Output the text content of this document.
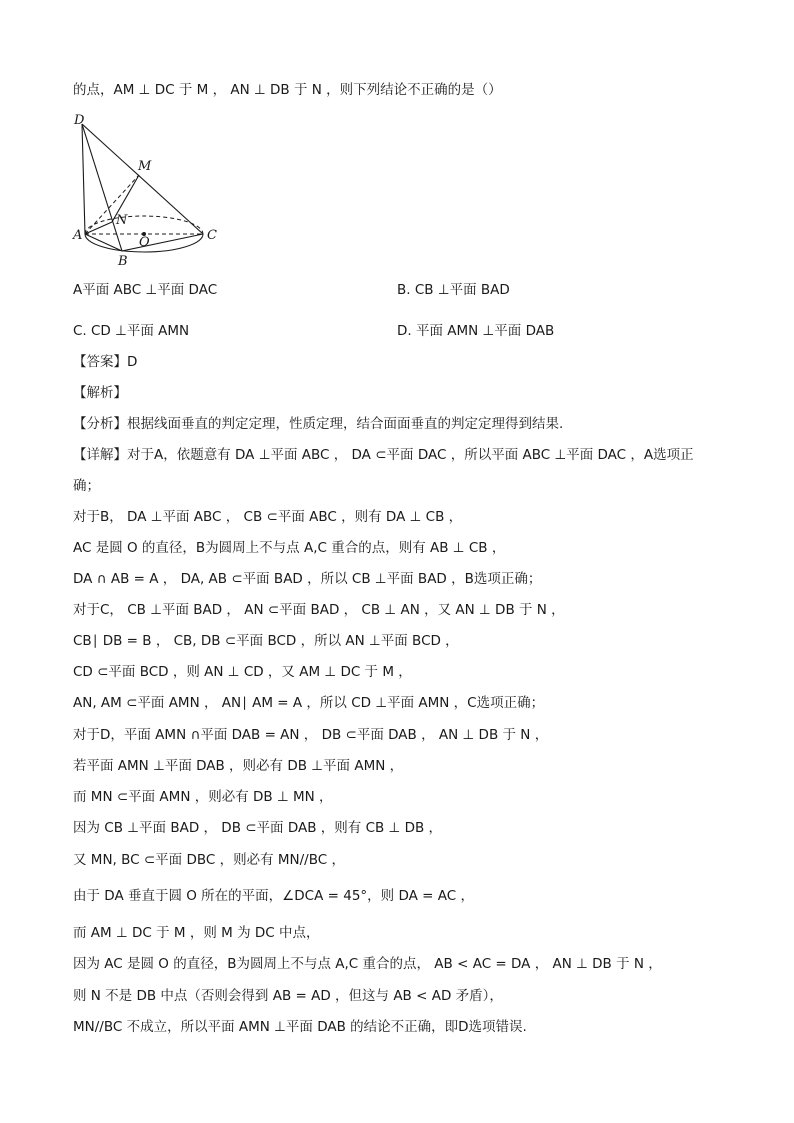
的点，AM ⊥ DC 于 M ， AN ⊥ DB 于 N ，则下列结论不正确的是（）
D
M
N
A	O	C
B
A平面 ABC ⊥平面 DAC	B. CB ⊥平面 BAD
C. CD ⊥平面 AMN	D. 平面 AMN ⊥平面 DAB
【答案】D
【解析】
【分析】根据线面垂直的判定定理，性质定理，结合面面垂直的判定定理得到结果.
【详解】对于A，依题意有 DA ⊥平面 ABC ， DA ⊂平面 DAC ，所以平面 ABC ⊥平面 DAC ，A选项正
确；
对于B， DA ⊥平面 ABC ， CB ⊂平面 ABC ，则有 DA ⊥ CB ，
AC 是圆 O 的直径，B为圆周上不与点 A,C 重合的点，则有 AB ⊥ CB ，
DA ∩ AB = A ， DA, AB ⊂平面 BAD ，所以 CB ⊥平面 BAD ，B选项正确；
对于C， CB ⊥平面 BAD ， AN ⊂平面 BAD ， CB ⊥ AN ，又 AN ⊥ DB 于 N ，
CB∣ DB = B ， CB, DB ⊂平面 BCD ，所以 AN ⊥平面 BCD ，
CD ⊂平面 BCD ，则 AN ⊥ CD ，又 AM ⊥ DC 于 M ，
AN, AM ⊂平面 AMN ， AN∣ AM = A ，所以 CD ⊥平面 AMN ，C选项正确；
对于D，平面 AMN ∩平面 DAB = AN ， DB ⊂平面 DAB ， AN ⊥ DB 于 N ，
若平面 AMN ⊥平面 DAB ，则必有 DB ⊥平面 AMN ，
而 MN ⊂平面 AMN ，则必有 DB ⊥ MN ，
因为 CB ⊥平面 BAD ， DB ⊂平面 DAB ，则有 CB ⊥ DB ，
又 MN, BC ⊂平面 DBC ，则必有 MN//BC ，
由于 DA 垂直于圆 O 所在的平面，∠DCA = 45°，则 DA = AC ，
而 AM ⊥ DC 于 M ，则 M 为 DC 中点，
因为 AC 是圆 O 的直径，B为圆周上不与点 A,C 重合的点， AB < AC = DA ， AN ⊥ DB 于 N ，
则 N 不是 DB 中点（否则会得到 AB = AD ，但这与 AB < AD 矛盾），
MN//BC 不成立，所以平面 AMN ⊥平面 DAB 的结论不正确，即D选项错误.
